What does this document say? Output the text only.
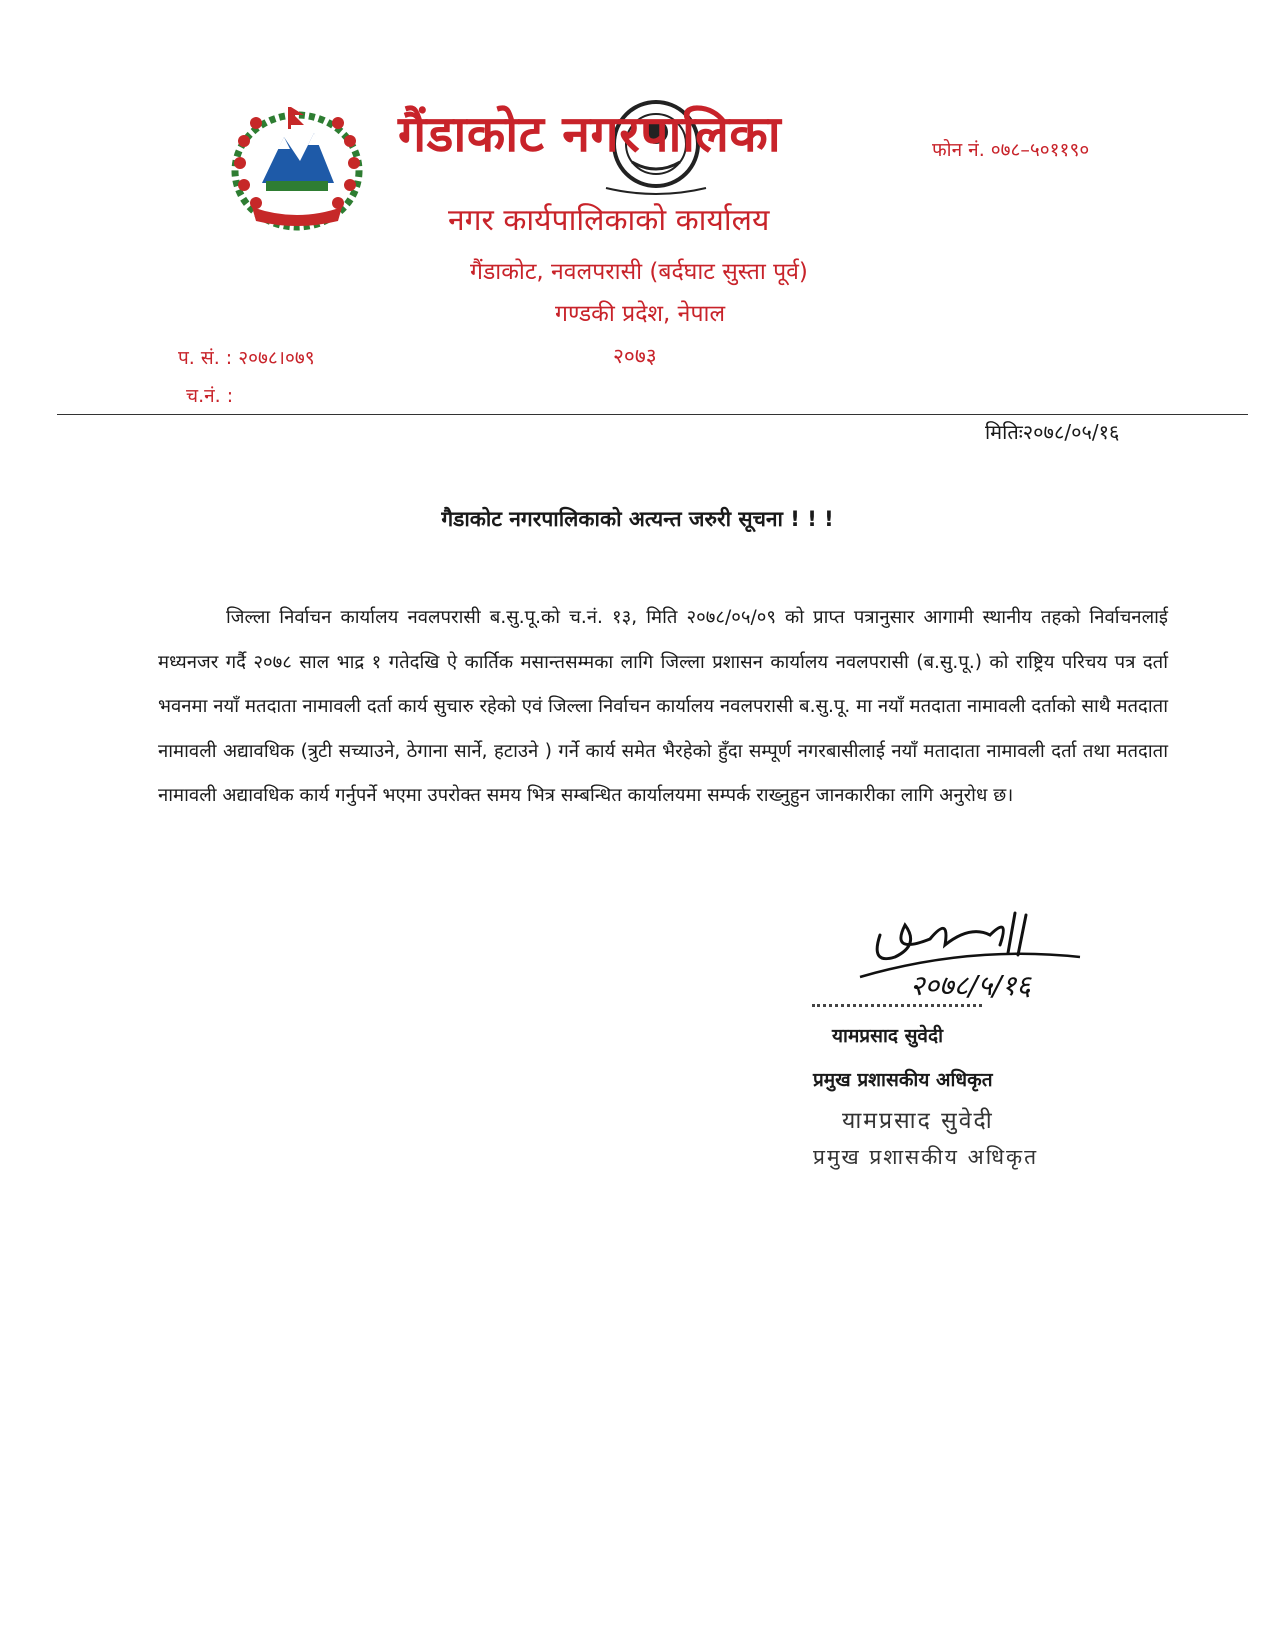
गैंडाकोट नगरपालिका	फोन नं. ०७८–५०११९०
नगर कार्यपालिकाको कार्यालय
गैंडाकोट, नवलपरासी (बर्दघाट सुस्ता पूर्व)
गण्डकी प्रदेश, नेपाल
२०७३
प. सं. : २०७८।०७९
च.नं. :
मितिः२०७८/०५/१६
गैडाकोट नगरपालिकाको अत्यन्त जरुरी सूचना ! ! !
जिल्ला निर्वाचन कार्यालय नवलपरासी ब.सु.पू.को च.नं. १३, मिति २०७८/०५/०९ को प्राप्त पत्रानुसार आगामी स्थानीय तहको निर्वाचनलाई मध्यनजर गर्दै २०७८ साल भाद्र १ गतेदखि ऐ कार्तिक मसान्तसम्मका लागि जिल्ला प्रशासन कार्यालय नवलपरासी (ब.सु.पू.) को राष्ट्रिय परिचय पत्र दर्ता भवनमा नयाँ मतदाता नामावली दर्ता कार्य सुचारु रहेको एवं जिल्ला निर्वाचन कार्यालय नवलपरासी ब.सु.पू. मा नयाँ मतदाता नामावली दर्ताको साथै मतदाता नामावली अद्यावधिक (त्रुटी सच्याउने, ठेगाना सार्ने, हटाउने ) गर्ने कार्य समेत भैरहेको हुँदा सम्पूर्ण नगरबासीलाई नयाँ मतादाता नामावली दर्ता तथा मतदाता नामावली अद्यावधिक कार्य गर्नुपर्ने भएमा उपरोक्त समय भित्र सम्बन्धित कार्यालयमा सम्पर्क राख्नुहुन जानकारीका लागि अनुरोध छ।
२०७८/५/१६
यामप्रसाद सुवेदी
प्रमुख प्रशासकीय अधिकृत
यामप्रसाद सुवेदी
प्रमुख प्रशासकीय अधिकृत
